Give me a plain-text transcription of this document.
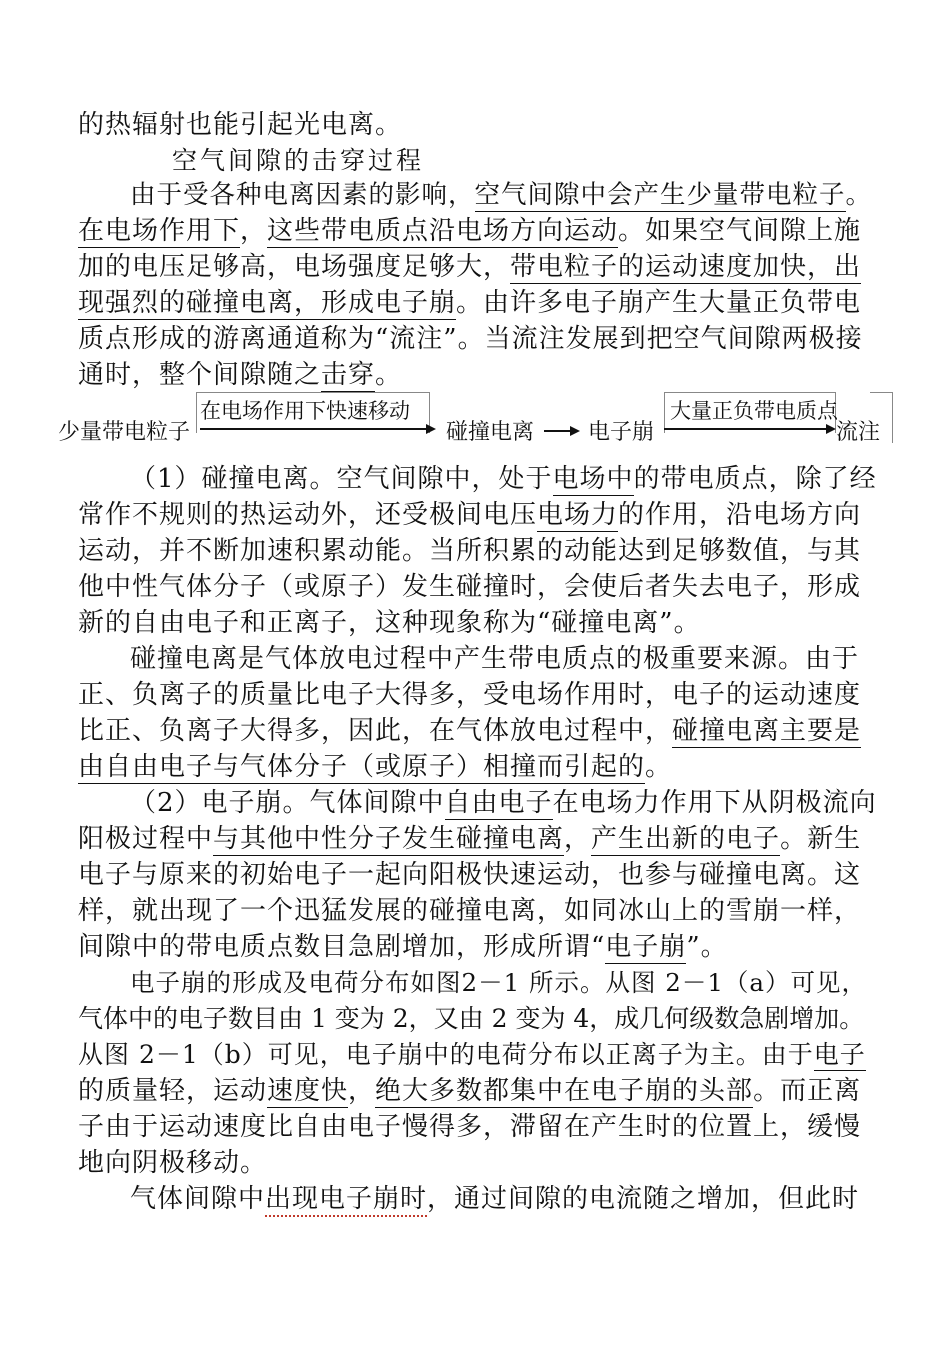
的热辐射也能引起光电离。
空气间隙的击穿过程
由于受各种电离因素的影响，空气间隙中会产生少量带电粒子。
在电场作用下，这些带电质点沿电场方向运动。如果空气间隙上施
加的电压足够高，电场强度足够大，带电粒子的运动速度加快，出
现强烈的碰撞电离，形成电子崩。由许多电子崩产生大量正负带电
质点形成的游离通道称为“流注”。当流注发展到把空气间隙两极接
通时，整个间隙随之击穿。
少量带电粒子
在电场作用下快速移动
碰撞电离 电子崩
大量正负带电质点
流注
（1）碰撞电离。空气间隙中，处于电场中的带电质点，除了经
常作不规则的热运动外，还受极间电压电场力的作用，沿电场方向
运动，并不断加速积累动能。当所积累的动能达到足够数值，与其
他中性气体分子（或原子）发生碰撞时，会使后者失去电子，形成
新的自由电子和正离子，这种现象称为“碰撞电离”。
碰撞电离是气体放电过程中产生带电质点的极重要来源。由于
正、负离子的质量比电子大得多，受电场作用时，电子的运动速度
比正、负离子大得多，因此，在气体放电过程中，碰撞电离主要是
由自由电子与气体分子（或原子）相撞而引起的。
（2）电子崩。气体间隙中自由电子在电场力作用下从阴极流向
阳极过程中与其他中性分子发生碰撞电离，产生出新的电子。新生
电子与原来的初始电子一起向阳极快速运动，也参与碰撞电离。这
样，就出现了一个迅猛发展的碰撞电离，如同冰山上的雪崩一样，
间隙中的带电质点数目急剧增加，形成所谓“电子崩”。
电子崩的形成及电荷分布如图2－1 所示。从图 2－1（a）可见，
气体中的电子数目由 1 变为 2，又由 2 变为 4，成几何级数急剧增加。
从图 2－1（b）可见，电子崩中的电荷分布以正离子为主。由于电子
的质量轻，运动速度快，绝大多数都集中在电子崩的头部。而正离
子由于运动速度比自由电子慢得多，滞留在产生时的位置上，缓慢
地向阴极移动。
气体间隙中出现电子崩时，通过间隙的电流随之增加，但此时
